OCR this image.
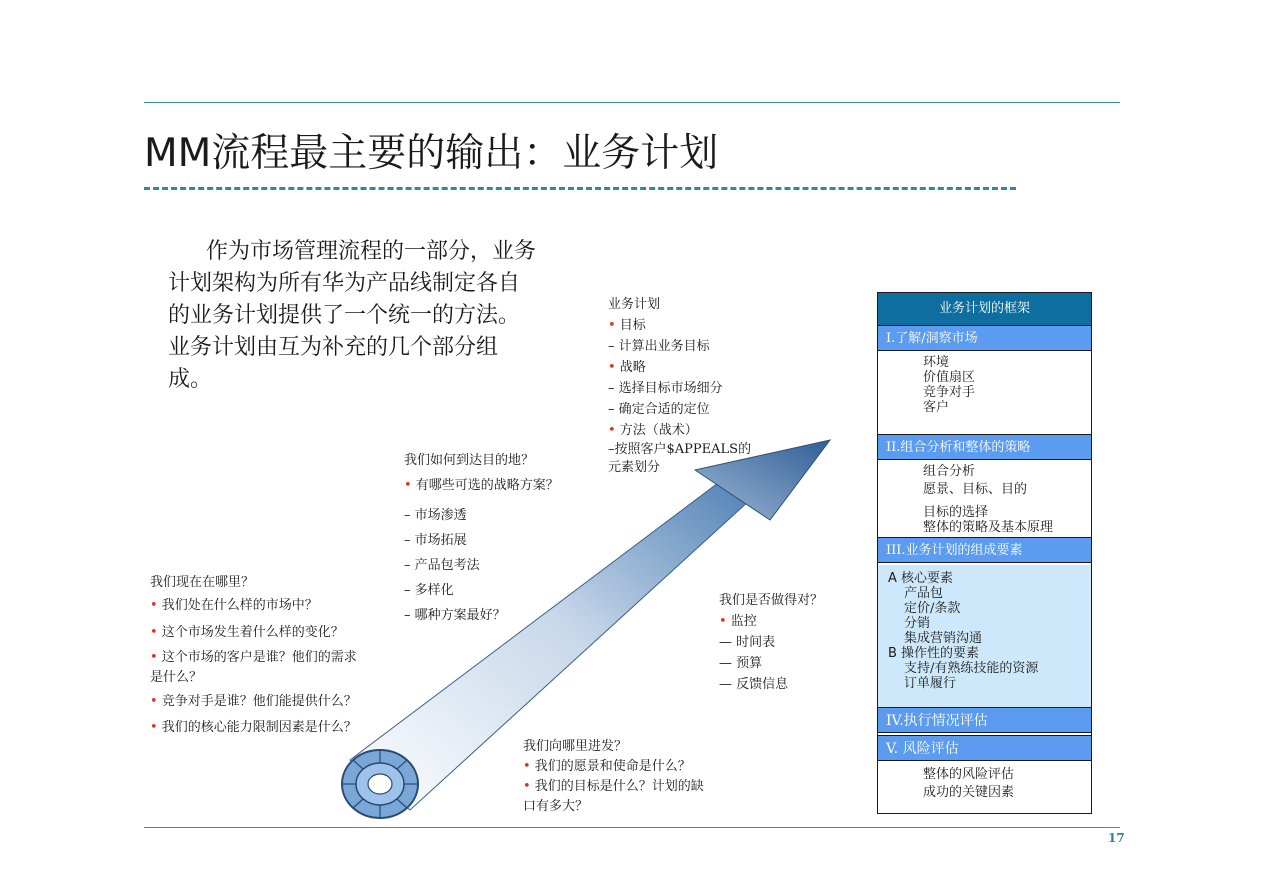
MM流程最主要的输出：业务计划
作为市场管理流程的一部分，业务
计划架构为所有华为产品线制定各自
的业务计划提供了一个统一的方法。
业务计划由互为补充的几个部分组
成。
业务计划
• 目标
– 计算出业务目标
• 战略
– 选择目标市场细分
– 确定合适的定位
• 方法（战术）
–按照客户$APPEALS的
元素划分
我们如何到达目的地？
• 有哪些可选的战略方案？
– 市场渗透
– 市场拓展
– 产品包考法
– 多样化
– 哪种方案最好？
我们现在在哪里？
• 我们处在什么样的市场中？
• 这个市场发生着什么样的变化？
• 这个市场的客户是谁？他们的需求
是什么？
• 竞争对手是谁？他们能提供什么？
• 我们的核心能力限制因素是什么？
我们是否做得对？
• 监控
— 时间表
— 预算
— 反馈信息
我们向哪里进发？
• 我们的愿景和使命是什么？
• 我们的目标是什么？计划的缺
口有多大？
业务计划的框架
I.了解/洞察市场
环境
价值扇区
竞争对手
客户
II.组合分析和整体的策略
组合分析
愿景、目标、目的
目标的选择
整体的策略及基本原理
III.业务计划的组成要素
A 核心要素
产品包
定价/条款
分销
集成营销沟通
B 操作性的要素
支持/有熟练技能的资源
订单履行
IV.执行情况评估
V. 风险评估
整体的风险评估
成功的关键因素
17
